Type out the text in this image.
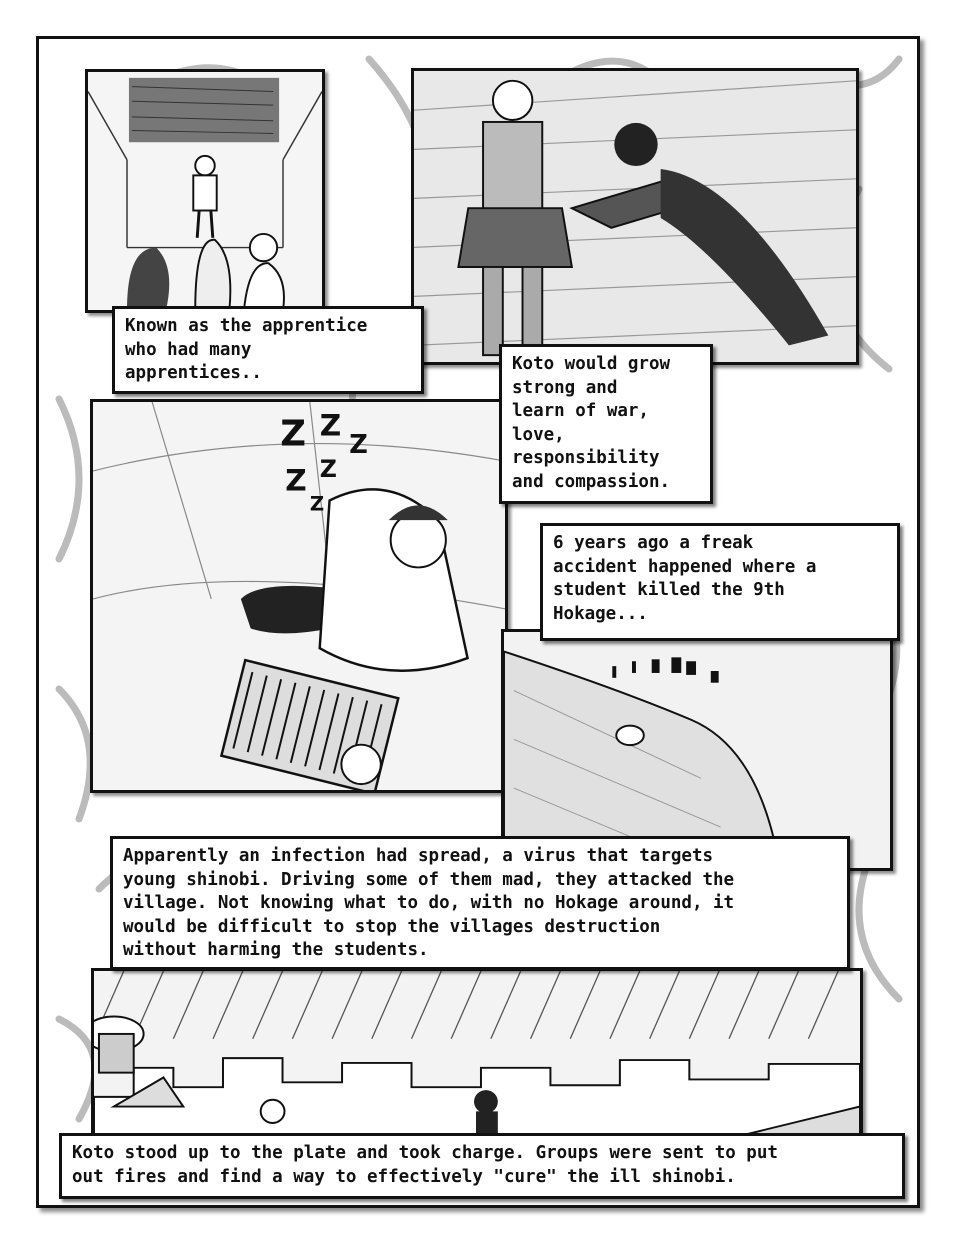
Z Z
Z
Z Z
Z
Known as the apprentice
who had many
apprentices..	Koto would grow
strong and
learn of war,
love,
responsibility
and compassion.
6 years ago a freak
accident happened where a
student killed the 9th
Hokage...
Apparently an infection had spread, a virus that targets
young shinobi. Driving some of them mad, they attacked the
village. Not knowing what to do, with no Hokage around, it
would be difficult to stop the villages destruction
without harming the students.
Koto stood up to the plate and took charge. Groups were sent to put
out fires and find a way to effectively "cure" the ill shinobi.
